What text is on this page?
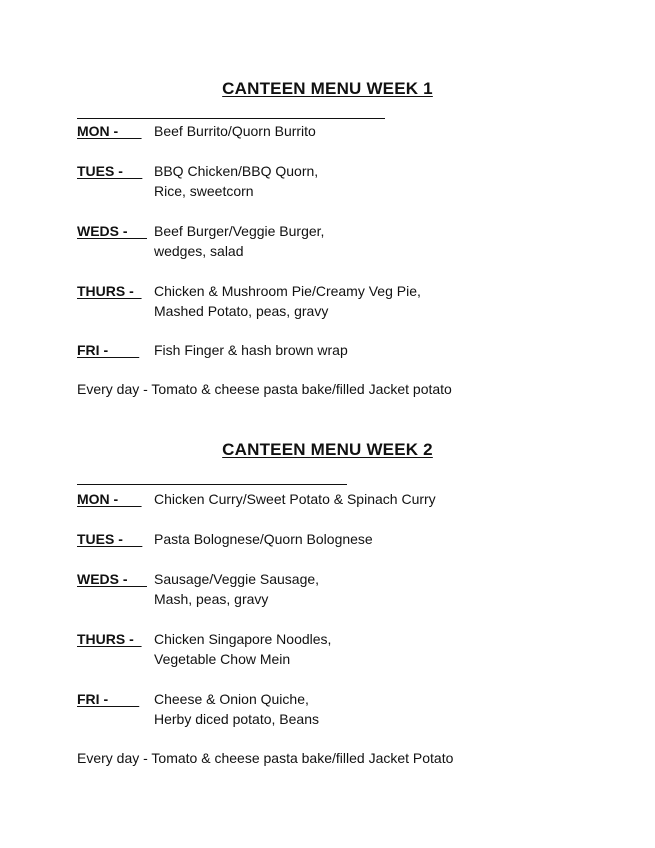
CANTEEN MENU WEEK 1
MON - Beef Burrito/Quorn Burrito
TUES - BBQ Chicken/BBQ Quorn,
Rice, sweetcorn
WEDS - Beef Burger/Veggie Burger,
wedges, salad
THURS - Chicken & Mushroom Pie/Creamy Veg Pie,
Mashed Potato, peas, gravy
FRI - Fish Finger & hash brown wrap
Every day - Tomato & cheese pasta bake/filled Jacket potato
CANTEEN MENU WEEK 2
MON - Chicken Curry/Sweet Potato & Spinach Curry
TUES - Pasta Bolognese/Quorn Bolognese
WEDS - Sausage/Veggie Sausage,
Mash, peas, gravy
THURS - Chicken Singapore Noodles,
Vegetable Chow Mein
FRI - Cheese & Onion Quiche,
Herby diced potato, Beans
Every day - Tomato & cheese pasta bake/filled Jacket Potato
